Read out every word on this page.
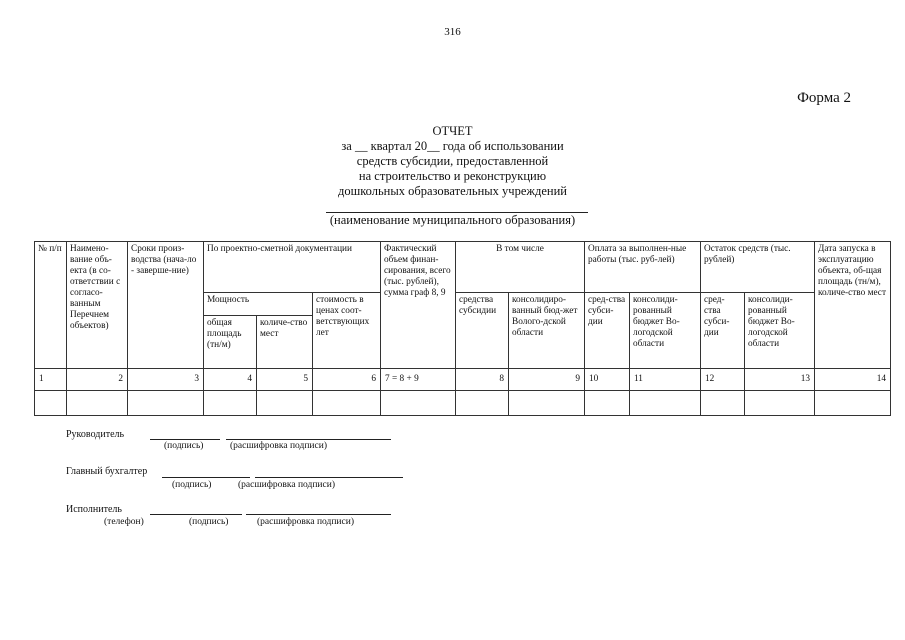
316
Форма 2
ОТЧЕТ
за __ квартал 20__ года об использовании
средств субсидии, предоставленной
на строительство и реконструкцию
дошкольных образовательных учреждений
(наименование муниципального образования)
№ п/п	Наимено-вание объ-екта (в со-ответствии с согласо-ванным Перечнем объектов)	Сроки произ-водства (нача-ло - заверше-ние)	По проектно-сметной документации			Фактический объем финан-сирования, всего (тыс. рублей), сумма граф 8, 9	В том числе		Оплата за выполнен-ные работы (тыс. руб-лей)		Остаток средств (тыс. рублей)		Дата запуска в эксплуатацию объекта, об-щая площадь (тн/м), количе-ство мест
			Мощность		стоимость в ценах соот-ветствующих лет		средства субсидии	консолидиро-ванный бюд-жет Волого-дской области	сред-ства субси-дии	консолиди-рованный бюджет Во-логодской области	сред-ства субси-дии	консолиди-рованный бюджет Во-логодской области	
			общая площадь (тн/м)	количе-ство мест									
1	2	3	4	5	6	7 = 8 + 9	8	9	10	11	12	13	14

Руководитель
(подпись)	(расшифровка подписи)
Главный бухгалтер
(подпись)	(расшифровка подписи)
Исполнитель
(телефон)	(подпись)	(расшифровка подписи)
